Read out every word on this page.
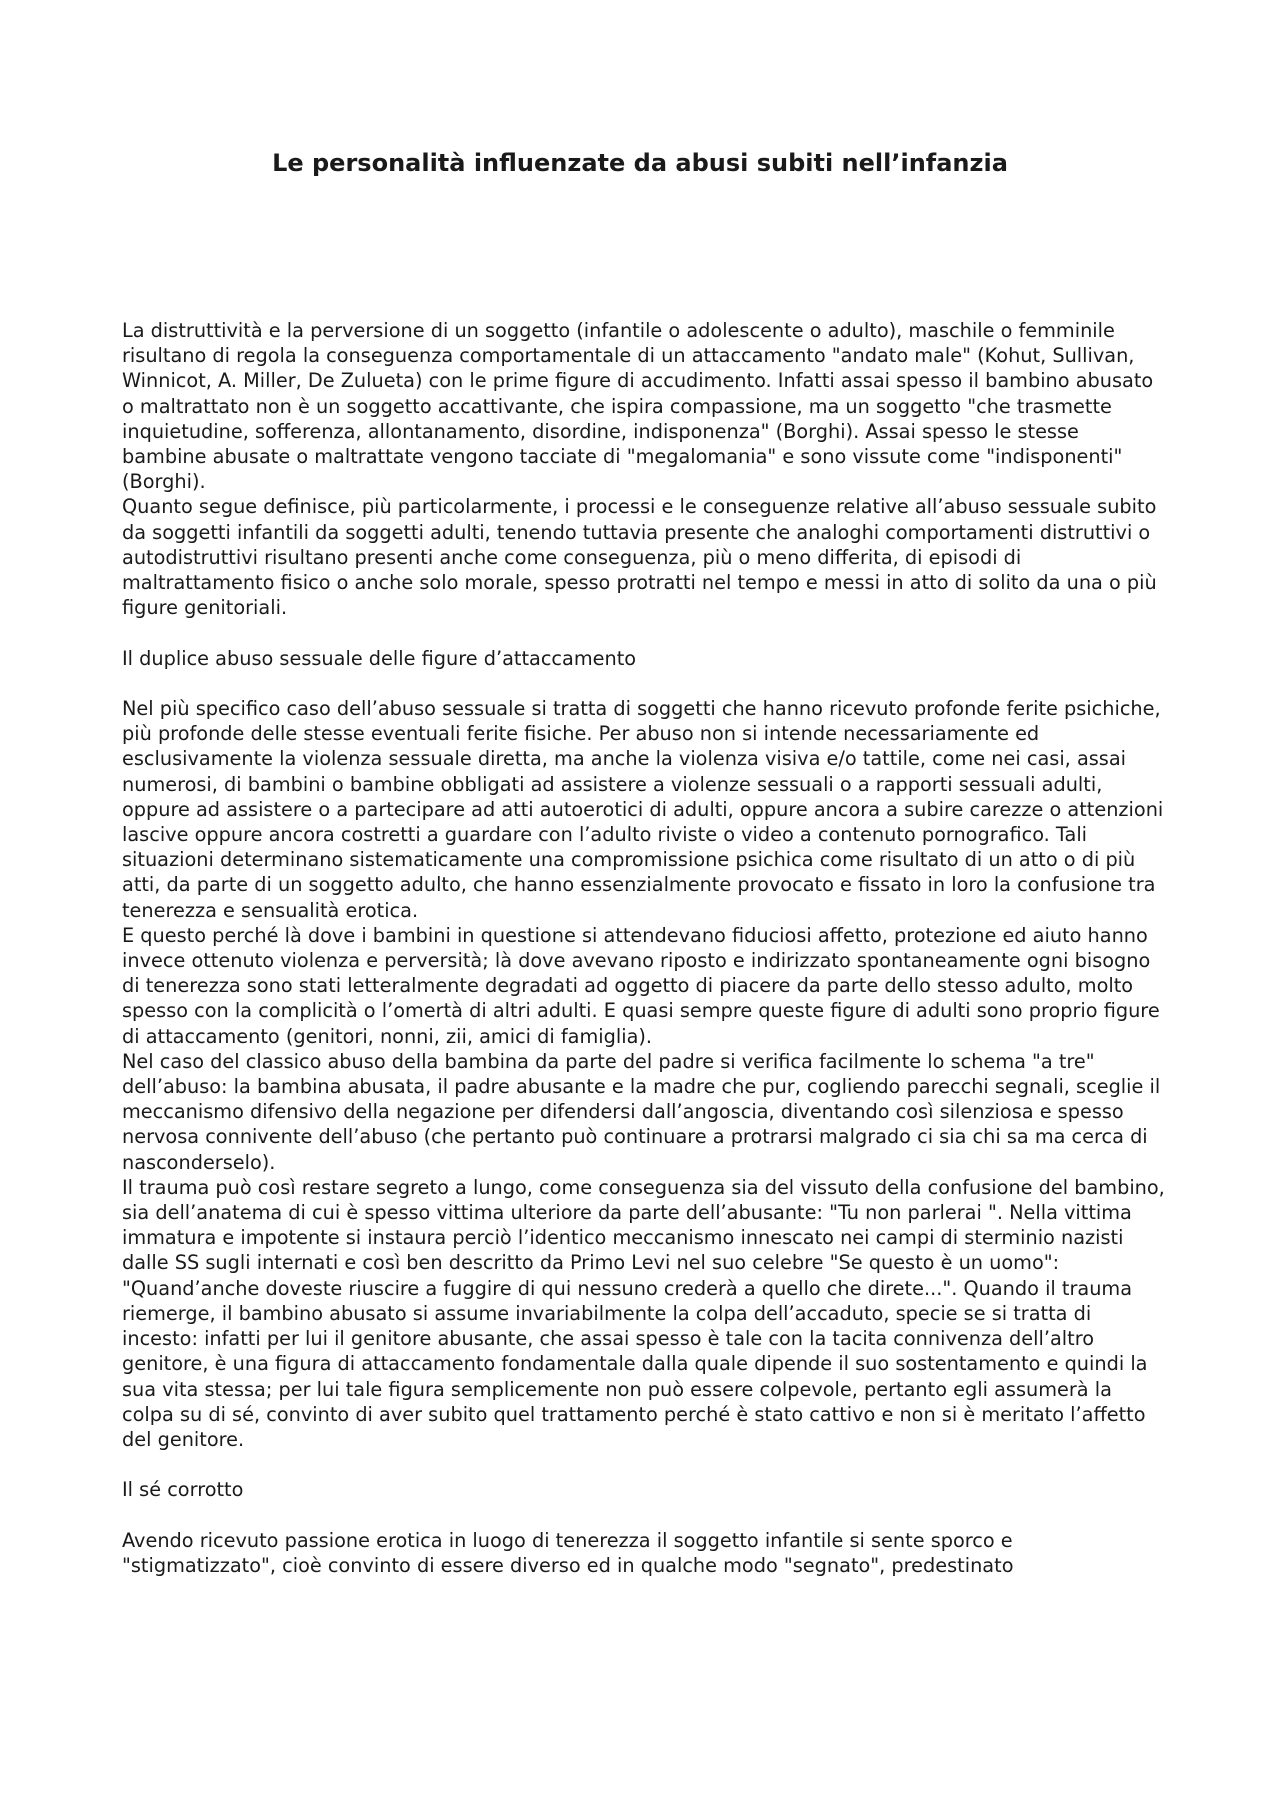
Le personalità influenzate da abusi subiti nell’infanzia

La distruttività e la perversione di un soggetto (infantile o adolescente o adulto), maschile o femminile risultano di regola la conseguenza comportamentale di un attaccamento "andato male" (Kohut, Sullivan, Winnicot, A. Miller, De Zulueta) con le prime figure di accudimento. Infatti assai spesso il bambino abusato o maltrattato non è un soggetto accattivante, che ispira compassione, ma un soggetto "che trasmette inquietudine, sofferenza, allontanamento, disordine, indisponenza" (Borghi). Assai spesso le stesse bambine abusate o maltrattate vengono tacciate di "megalomania" e sono vissute come "indisponenti" (Borghi).

Quanto segue definisce, più particolarmente, i processi e le conseguenze relative all’abuso sessuale subito da soggetti infantili da soggetti adulti, tenendo tuttavia presente che analoghi comportamenti distruttivi o autodistruttivi risultano presenti anche come conseguenza, più o meno differita, di episodi di maltrattamento fisico o anche solo morale, spesso protratti nel tempo e messi in atto di solito da una o più figure genitoriali.

Il duplice abuso sessuale delle figure d’attaccamento

Nel più specifico caso dell’abuso sessuale si tratta di soggetti che hanno ricevuto profonde ferite psichiche, più profonde delle stesse eventuali ferite fisiche. Per abuso non si intende necessariamente ed esclusivamente la violenza sessuale diretta, ma anche la violenza visiva e/o tattile, come nei casi, assai numerosi, di bambini o bambine obbligati ad assistere a violenze sessuali o a rapporti sessuali adulti, oppure ad assistere o a partecipare ad atti autoerotici di adulti, oppure ancora a subire carezze o attenzioni lascive oppure ancora costretti a guardare con l’adulto riviste o video a contenuto pornografico. Tali situazioni determinano sistematicamente una compromissione psichica come risultato di un atto o di più atti, da parte di un soggetto adulto, che hanno essenzialmente provocato e fissato in loro la confusione tra tenerezza e sensualità erotica.

E questo perché là dove i bambini in questione si attendevano fiduciosi affetto, protezione ed aiuto hanno invece ottenuto violenza e perversità; là dove avevano riposto e indirizzato spontaneamente ogni bisogno di tenerezza sono stati letteralmente degradati ad oggetto di piacere da parte dello stesso adulto, molto spesso con la complicità o l’omertà di altri adulti. E quasi sempre queste figure di adulti sono proprio figure di attaccamento (genitori, nonni, zii, amici di famiglia).

Nel caso del classico abuso della bambina da parte del padre si verifica facilmente lo schema "a tre" dell’abuso: la bambina abusata, il padre abusante e la madre che pur, cogliendo parecchi segnali, sceglie il meccanismo difensivo della negazione per difendersi dall’angoscia, diventando così silenziosa e spesso nervosa connivente dell’abuso (che pertanto può continuare a protrarsi malgrado ci sia chi sa ma cerca di nasconderselo).

Il trauma può così restare segreto a lungo, come conseguenza sia del vissuto della confusione del bambino, sia dell’anatema di cui è spesso vittima ulteriore da parte dell’abusante: "Tu non parlerai ". Nella vittima immatura e impotente si instaura perciò l’identico meccanismo innescato nei campi di sterminio nazisti dalle SS sugli internati e così ben descritto da Primo Levi nel suo celebre "Se questo è un uomo": "Quand’anche doveste riuscire a fuggire di qui nessuno crederà a quello che direte...". Quando il trauma riemerge, il bambino abusato si assume invariabilmente la colpa dell’accaduto, specie se si tratta di incesto: infatti per lui il genitore abusante, che assai spesso è tale con la tacita connivenza dell’altro genitore, è una figura di attaccamento fondamentale dalla quale dipende il suo sostentamento e quindi la sua vita stessa; per lui tale figura semplicemente non può essere colpevole, pertanto egli assumerà la colpa su di sé, convinto di aver subito quel trattamento perché è stato cattivo e non si è meritato l’affetto del genitore.

Il sé corrotto

Avendo ricevuto passione erotica in luogo di tenerezza il soggetto infantile si sente sporco e "stigmatizzato", cioè convinto di essere diverso ed in qualche modo "segnato", predestinato
